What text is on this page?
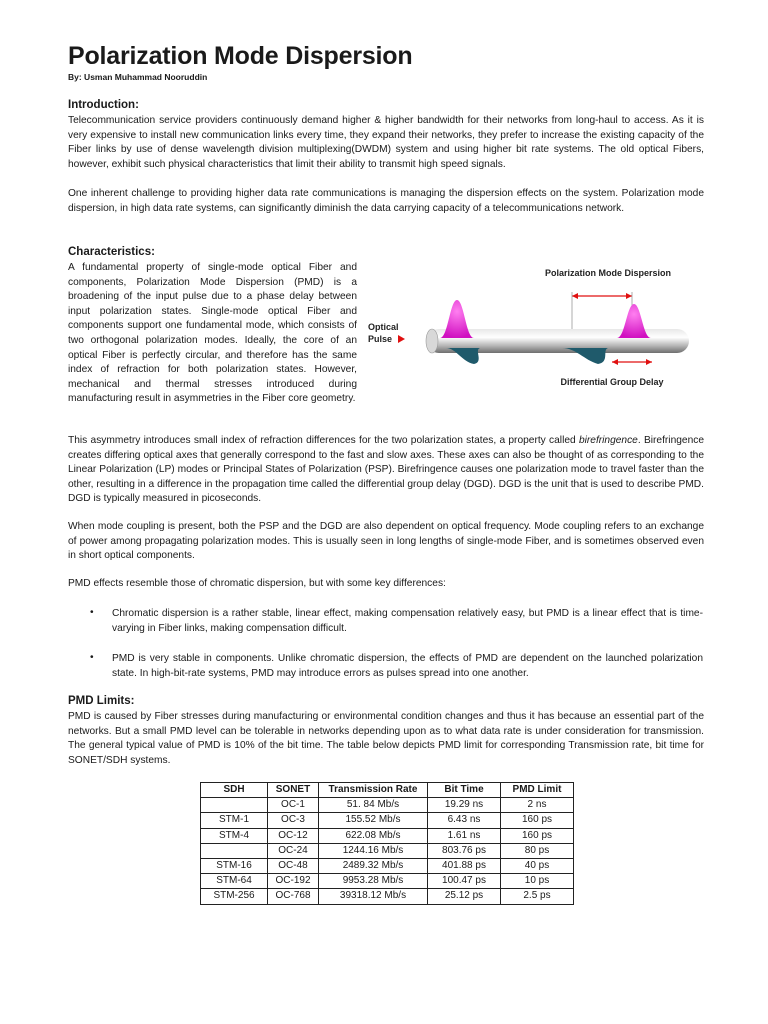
Polarization Mode Dispersion
By: Usman Muhammad Nooruddin
Introduction:
Telecommunication service providers continuously demand higher & higher bandwidth for their networks from long-haul to access. As it is very expensive to install new communication links every time, they expand their networks, they prefer to increase the existing capacity of the Fiber links by use of dense wavelength division multiplexing(DWDM) system and using higher bit rate systems. The old optical Fibers, however, exhibit such physical characteristics that limit their ability to transmit high speed signals.
One inherent challenge to providing higher data rate communications is managing the dispersion effects on the system. Polarization mode dispersion, in high data rate systems, can significantly diminish the data carrying capacity of a telecommunications network.
Characteristics:
A fundamental property of single-mode optical Fiber and components, Polarization Mode Dispersion (PMD) is a broadening of the input pulse due to a phase delay between input polarization states. Single-mode optical Fiber and components support one fundamental mode, which consists of two orthogonal polarization modes. Ideally, the core of an optical Fiber is perfectly circular, and therefore has the same index of refraction for both polarization states. However, mechanical and thermal stresses introduced during manufacturing result in asymmetries in the Fiber core geometry.
Polarization Mode Dispersion
Optical
Pulse
Differential Group Delay
This asymmetry introduces small index of refraction differences for the two polarization states, a property called birefringence. Birefringence creates differing optical axes that generally correspond to the fast and slow axes. These axes can also be thought of as corresponding to the Linear Polarization (LP) modes or Principal States of Polarization (PSP). Birefringence causes one polarization mode to travel faster than the other, resulting in a difference in the propagation time called the differential group delay (DGD). DGD is the unit that is used to describe PMD. DGD is typically measured in picoseconds.
When mode coupling is present, both the PSP and the DGD are also dependent on optical frequency. Mode coupling refers to an exchange of power among propagating polarization modes. This is usually seen in long lengths of single-mode Fiber, and is sometimes observed even in short optical components.
PMD effects resemble those of chromatic dispersion, but with some key differences:
• Chromatic dispersion is a rather stable, linear effect, making compensation relatively easy, but PMD is a linear effect that is time-varying in Fiber links, making compensation difficult.
• PMD is very stable in components. Unlike chromatic dispersion, the effects of PMD are dependent on the launched polarization state. In high-bit-rate systems, PMD may introduce errors as pulses spread into one another.
PMD Limits:
PMD is caused by Fiber stresses during manufacturing or environmental condition changes and thus it has because an essential part of the networks. But a small PMD level can be tolerable in networks depending upon as to what data rate is under consideration for transmission. The general typical value of PMD is 10% of the bit time. The table below depicts PMD limit for corresponding Transmission rate, bit time for SONET/SDH systems.
SDH	SONET	Transmission Rate	Bit Time	PMD Limit
	OC-1	51. 84 Mb/s	19.29 ns	2 ns
STM-1	OC-3	155.52 Mb/s	6.43 ns	160 ps
STM-4	OC-12	622.08 Mb/s	1.61 ns	160 ps
	OC-24	1244.16 Mb/s	803.76 ps	80 ps
STM-16	OC-48	2489.32 Mb/s	401.88 ps	40 ps
STM-64	OC-192	9953.28 Mb/s	100.47 ps	10 ps
STM-256	OC-768	39318.12 Mb/s	25.12 ps	2.5 ps
